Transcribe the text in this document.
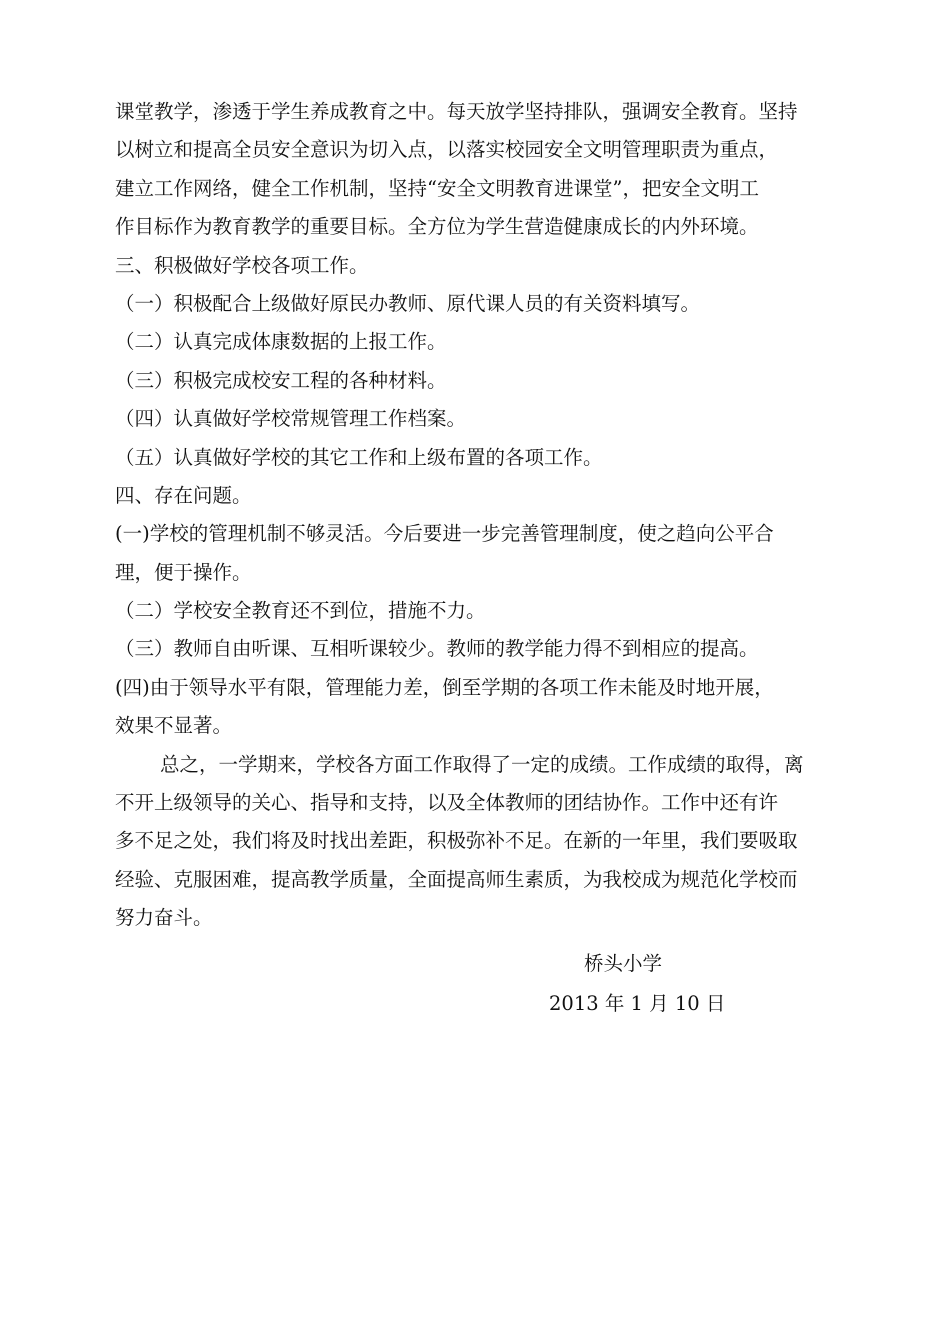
课堂教学，渗透于学生养成教育之中。每天放学坚持排队，强调安全教育。坚持
以树立和提高全员安全意识为切入点，以落实校园安全文明管理职责为重点，
建立工作网络，健全工作机制，坚持“安全文明教育进课堂”，把安全文明工
作目标作为教育教学的重要目标。全方位为学生营造健康成长的内外环境。
三、积极做好学校各项工作。
（一）积极配合上级做好原民办教师、原代课人员的有关资料填写。
（二）认真完成体康数据的上报工作。
（三）积极完成校安工程的各种材料。
（四）认真做好学校常规管理工作档案。
（五）认真做好学校的其它工作和上级布置的各项工作。
四、存在问题。
(一)学校的管理机制不够灵活。今后要进一步完善管理制度，使之趋向公平合
理，便于操作。
（二）学校安全教育还不到位，措施不力。
（三）教师自由听课、互相听课较少。教师的教学能力得不到相应的提高。
(四)由于领导水平有限，管理能力差，倒至学期的各项工作未能及时地开展，
效果不显著。
总之，一学期来，学校各方面工作取得了一定的成绩。工作成绩的取得，离
不开上级领导的关心、指导和支持，以及全体教师的团结协作。工作中还有许
多不足之处，我们将及时找出差距，积极弥补不足。在新的一年里，我们要吸取
经验、克服困难，提高教学质量，全面提高师生素质，为我校成为规范化学校而
努力奋斗。
桥头小学
2013 年 1 月 10 日
